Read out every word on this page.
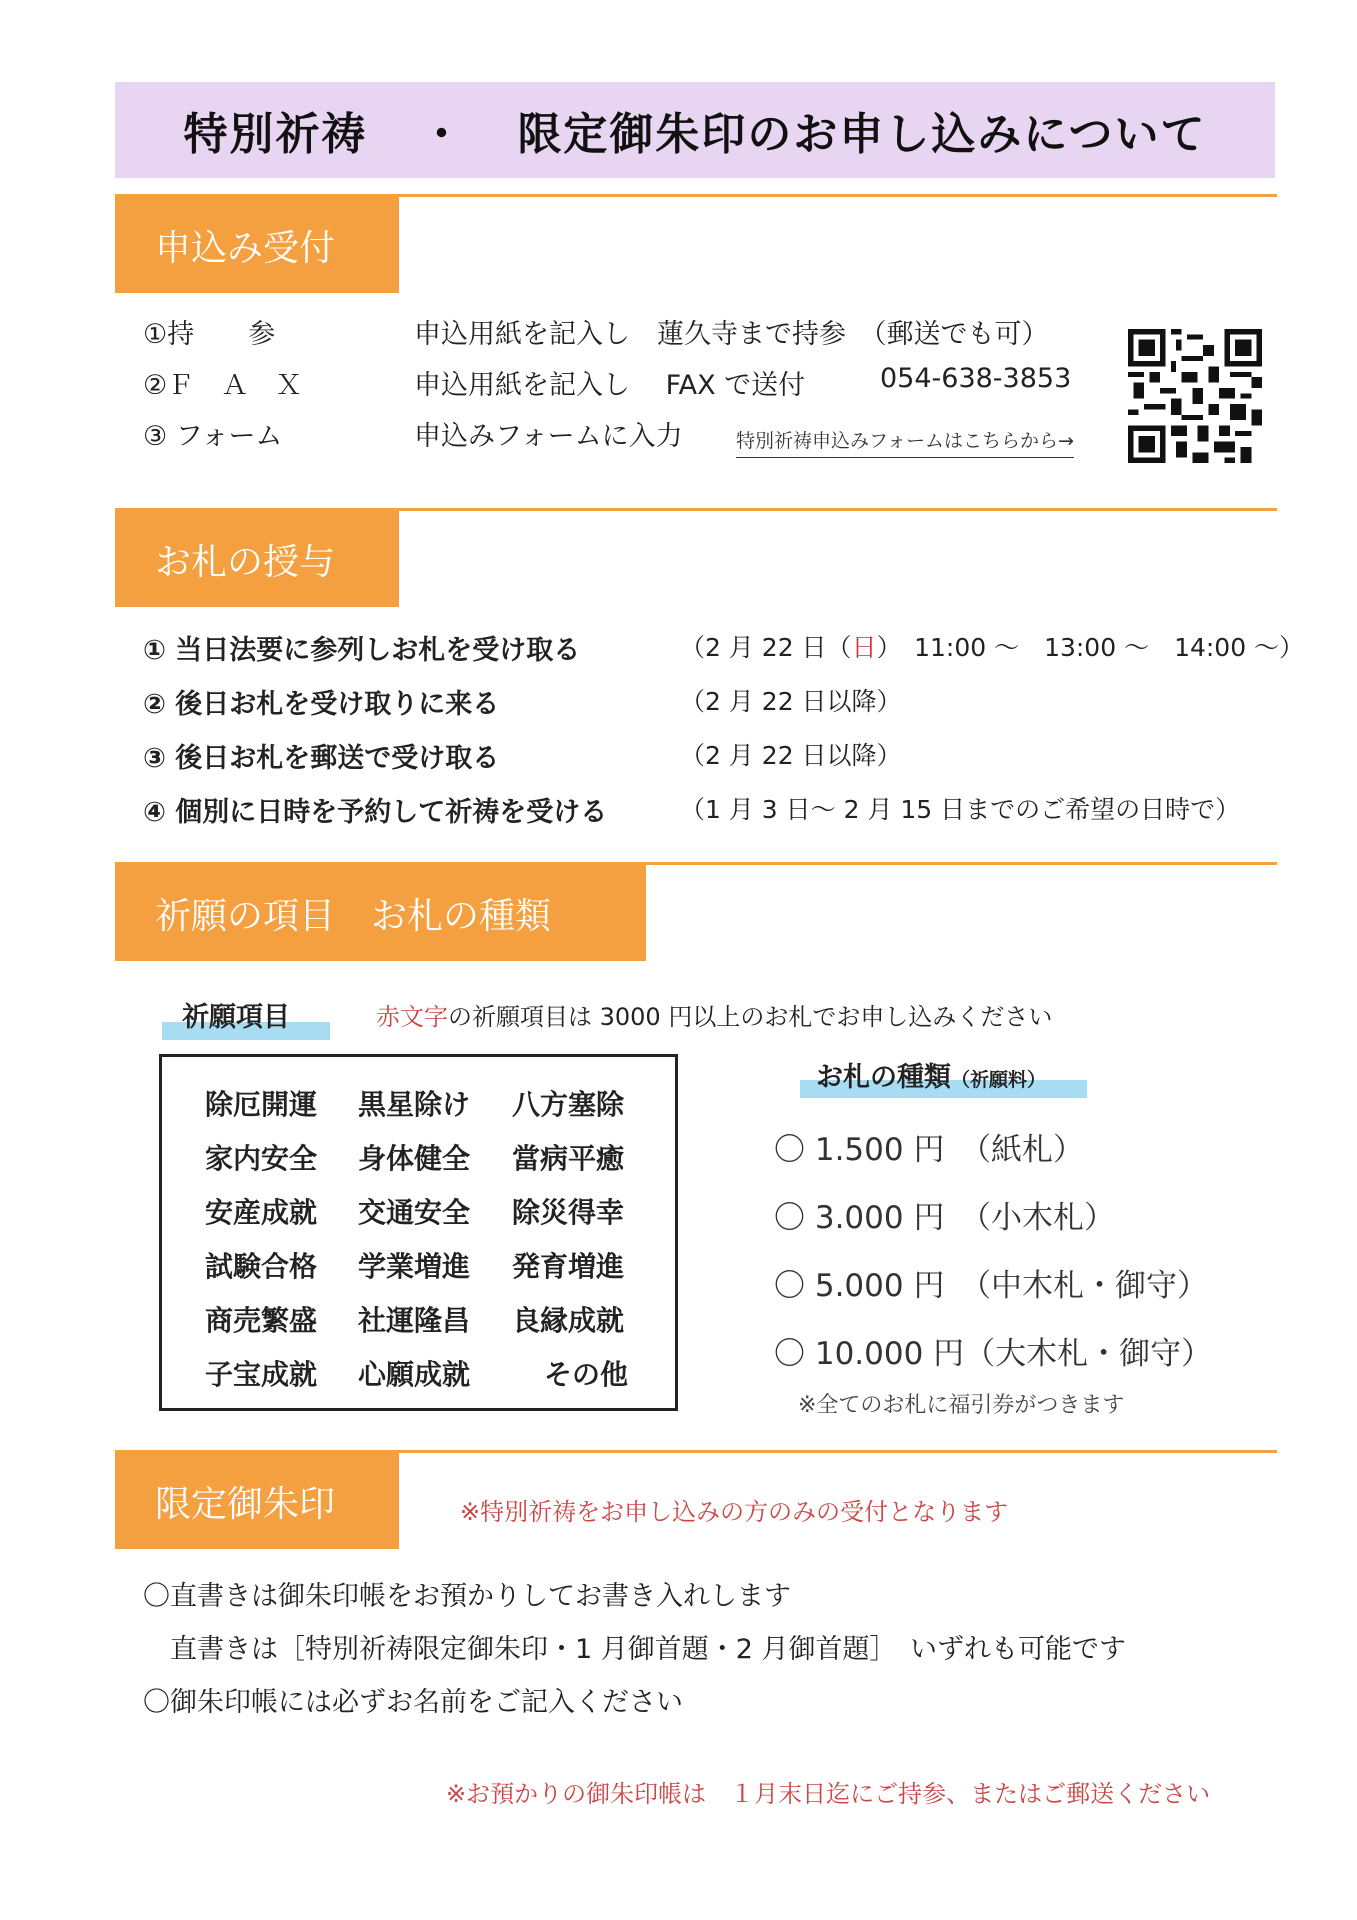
特別祈祷 ・ 限定御朱印のお申し込みについて
申込み受付
①持　　参	申込用紙を記入し　蓮久寺まで持参　（郵送でも可）
②Ｆ　Ａ　Ｘ	申込用紙を記入し　 FAX で送付	054-638-3853
③ フォーム	申込みフォームに入力	特別祈祷申込みフォームはこちらから→
お札の授与
① 当日法要に参列しお札を受け取る	（2 月 22 日（日）　11:00 ～　13:00 ～　14:00 ～）
② 後日お札を受け取りに来る	（2 月 22 日以降）
③ 後日お札を郵送で受け取る	（2 月 22 日以降）
④ 個別に日時を予約して祈祷を受ける	（1 月 3 日～ 2 月 15 日までのご希望の日時で）
祈願の項目　お札の種類
祈願項目	赤文字の祈願項目は 3000 円以上のお札でお申し込みください
除厄開運 黒星除け 八方塞除
家内安全 身体健全 當病平癒
安産成就 交通安全 除災得幸
試験合格 学業増進 発育増進
商売繁盛 社運隆昌 良縁成就
子宝成就 心願成就	その他
お札の種類（祈願料）
〇 1.500 円　（紙札）
〇 3.000 円　（小木札）
〇 5.000 円　（中木札・御守）
〇 10.000 円（大木札・御守）
※全てのお札に福引券がつきます
限定御朱印	※特別祈祷をお申し込みの方のみの受付となります
〇直書きは御朱印帳をお預かりしてお書き入れします
　直書きは［特別祈祷限定御朱印・1 月御首題・2 月御首題］　いずれも可能です
〇御朱印帳には必ずお名前をご記入ください
※お預かりの御朱印帳は　１月末日迄にご持参、またはご郵送ください
